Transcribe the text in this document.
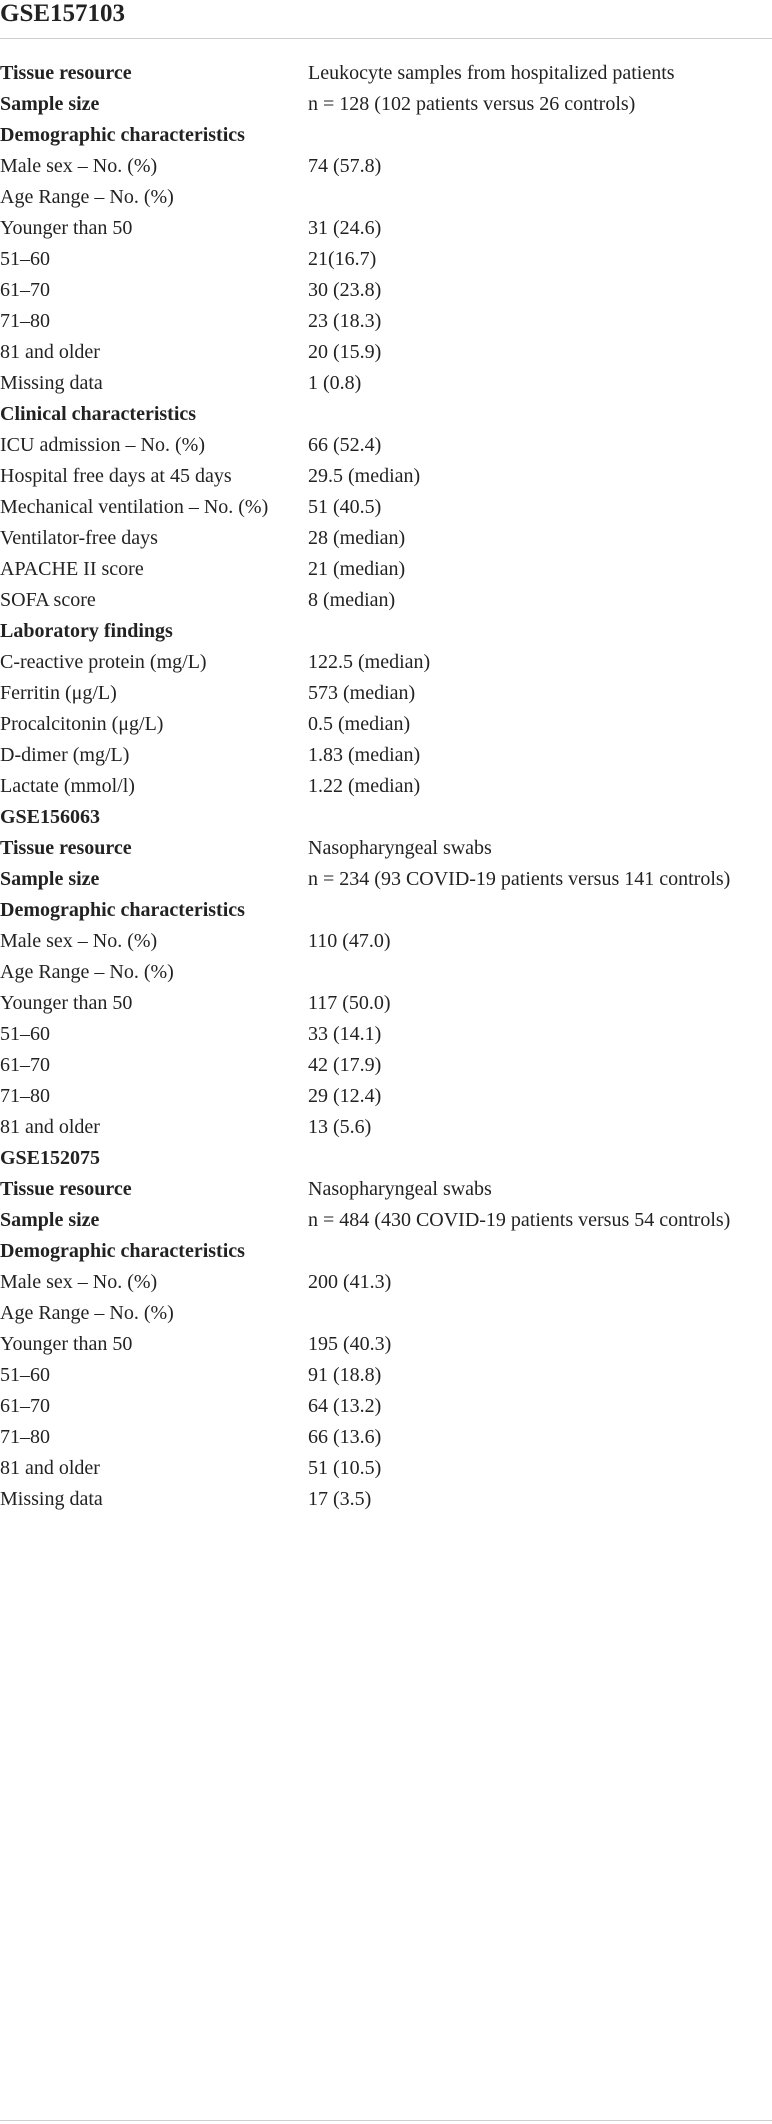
GSE157103
Tissue resource	Leukocyte samples from hospitalized patients
Sample size	n = 128 (102 patients versus 26 controls)
Demographic characteristics
Male sex – No. (%)	74 (57.8)
Age Range – No. (%)
Younger than 50	31 (24.6)
51–60	21(16.7)
61–70	30 (23.8)
71–80	23 (18.3)
81 and older	20 (15.9)
Missing data	1 (0.8)
Clinical characteristics
ICU admission – No. (%)	66 (52.4)
Hospital free days at 45 days	29.5 (median)
Mechanical ventilation – No. (%)	51 (40.5)
Ventilator-free days	28 (median)
APACHE II score	21 (median)
SOFA score	8 (median)
Laboratory findings
C-reactive protein (mg/L)	122.5 (median)
Ferritin (μg/L)	573 (median)
Procalcitonin (μg/L)	0.5 (median)
D-dimer (mg/L)	1.83 (median)
Lactate (mmol/l)	1.22 (median)
GSE156063
Tissue resource	Nasopharyngeal swabs
Sample size	n = 234 (93 COVID-19 patients versus 141 controls)
Demographic characteristics
Male sex – No. (%)	110 (47.0)
Age Range – No. (%)
Younger than 50	117 (50.0)
51–60	33 (14.1)
61–70	42 (17.9)
71–80	29 (12.4)
81 and older	13 (5.6)
GSE152075
Tissue resource	Nasopharyngeal swabs
Sample size	n = 484 (430 COVID-19 patients versus 54 controls)
Demographic characteristics
Male sex – No. (%)	200 (41.3)
Age Range – No. (%)
Younger than 50	195 (40.3)
51–60	91 (18.8)
61–70	64 (13.2)
71–80	66 (13.6)
81 and older	51 (10.5)
Missing data	17 (3.5)
